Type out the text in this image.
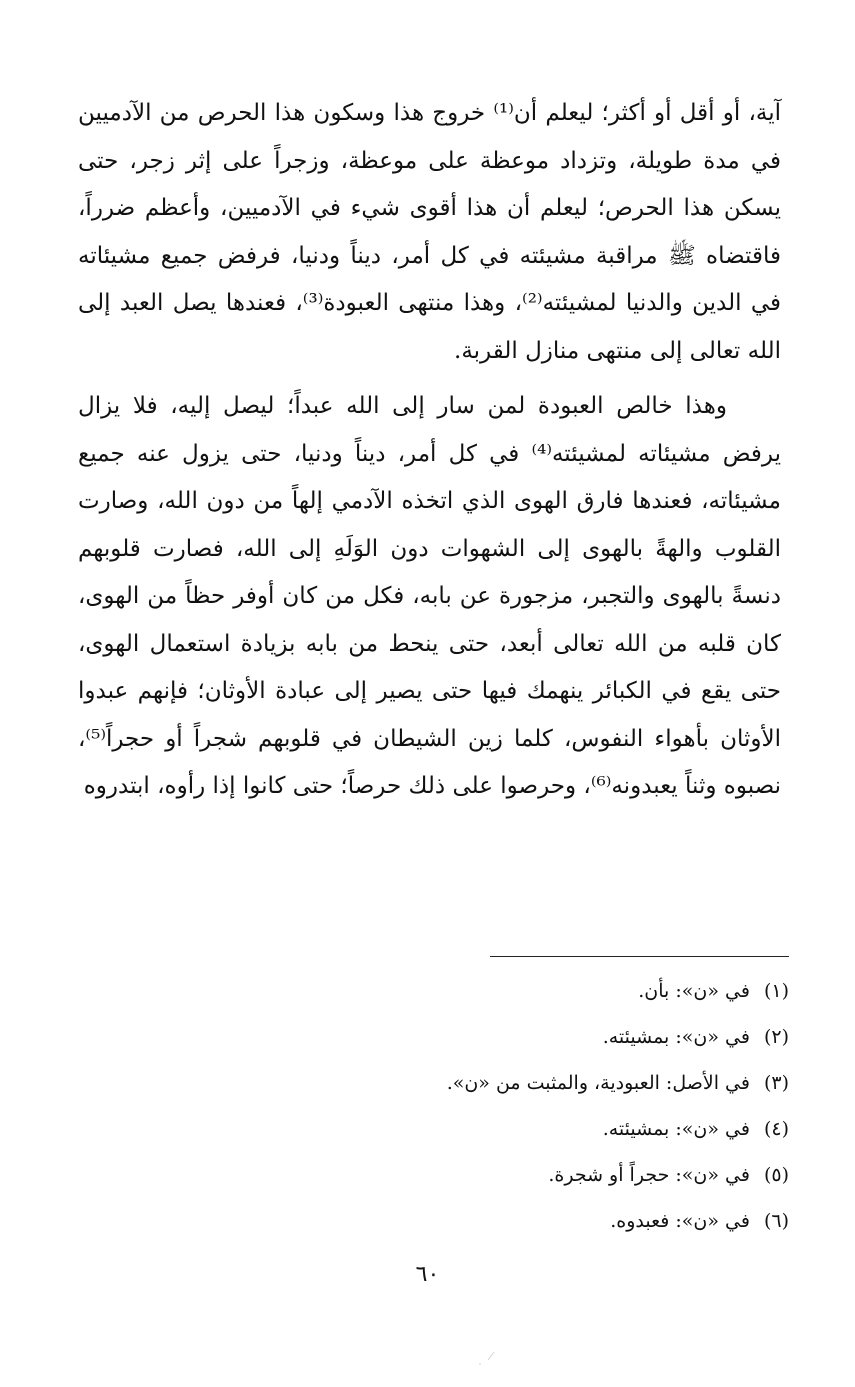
آية، أو أقل أو أكثر؛ ليعلم أن⁽¹⁾ خروج هذا وسكون هذا الحرص من الآدميين في مدة طويلة، وتزداد موعظة على موعظة، وزجراً على إثر زجر، حتى يسكن هذا الحرص؛ ليعلم أن هذا أقوى شيء في الآدميين، وأعظم ضرراً، فاقتضاه ﷺ مراقبة مشيئته في كل أمر، ديناً ودنيا، فرفض جميع مشيئاته في الدين والدنيا لمشيئته⁽²⁾، وهذا منتهى العبودة⁽³⁾، فعندها يصل العبد إلى الله تعالى إلى منتهى منازل القربة.

وهذا خالص العبودة لمن سار إلى الله عبداً؛ ليصل إليه، فلا يزال يرفض مشيئاته لمشيئته⁽⁴⁾ في كل أمر، ديناً ودنيا، حتى يزول عنه جميع مشيئاته، فعندها فارق الهوى الذي اتخذه الآدمي إلهاً من دون الله، وصارت القلوب والهةً بالهوى إلى الشهوات دون الوَلَهِ إلى الله، فصارت قلوبهم دنسةً بالهوى والتجبر، مزجورة عن بابه، فكل من كان أوفر حظاً من الهوى، كان قلبه من الله تعالى أبعد، حتى ينحط من بابه بزيادة استعمال الهوى، حتى يقع في الكبائر ينهمك فيها حتى يصير إلى عبادة الأوثان؛ فإنهم عبدوا الأوثان بأهواء النفوس، كلما زين الشيطان في قلوبهم شجراً أو حجراً⁽⁵⁾، نصبوه وثناً يعبدونه⁽⁶⁾، وحرصوا على ذلك حرصاً؛ حتى كانوا إذا رأوه، ابتدروه

(١)في «ن»: بأن.
(٢)في «ن»: بمشيئته.
(٣)في الأصل: العبودية، والمثبت من «ن».
(٤)في «ن»: بمشيئته.
(٥)في «ن»: حجراً أو شجرة.
(٦)في «ن»: فعبدوه.
٦٠
